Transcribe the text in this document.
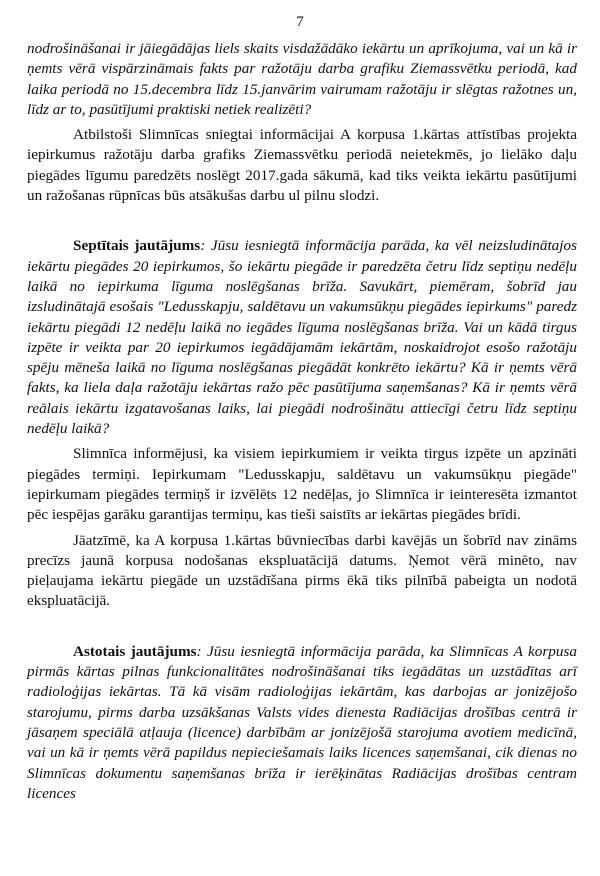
7

nodrošināšanai ir jāiegādājas liels skaits visdažādāko iekārtu un aprīkojuma, vai un kā ir ņemts vērā vispārzināmais fakts par ražotāju darba grafiku Ziemassvētku periodā, kad laika periodā no 15.decembra līdz 15.janvārim vairumam ražotāju ir slēgtas ražotnes un, līdz ar to, pasūtījumi praktiski netiek realizēti?

Atbilstoši Slimnīcas sniegtai informācijai A korpusa 1.kārtas attīstības projekta iepirkumus ražotāju darba grafiks Ziemassvētku periodā neietekmēs, jo lielāko daļu piegādes līgumu paredzēts noslēgt 2017.gada sākumā, kad tiks veikta iekārtu pasūtījumi un ražošanas rūpnīcas būs atsākušas darbu ul pilnu slodzi.

Septītais jautājums: Jūsu iesniegtā informācija parāda, ka vēl neizsludinātajos iekārtu piegādes 20 iepirkumos, šo iekārtu piegāde ir paredzēta četru līdz septiņu nedēļu laikā no iepirkuma līguma noslēgšanas brīža. Savukārt, piemēram, šobrīd jau izsludinātajā esošais "Ledusskapju, saldētavu un vakumsūkņu piegādes iepirkums" paredz iekārtu piegādi 12 nedēļu laikā no iegādes līguma noslēgšanas brīža. Vai un kādā tirgus izpēte ir veikta par 20 iepirkumos iegādājamām iekārtām, noskaidrojot esošo ražotāju spēju mēneša laikā no līguma noslēgšanas piegādāt konkrēto iekārtu? Kā ir ņemts vērā fakts, ka liela daļa ražotāju iekārtas ražo pēc pasūtījuma saņemšanas? Kā ir ņemts vērā reālais iekārtu izgatavošanas laiks, lai piegādi nodrošinātu attiecīgi četru līdz septiņu nedēļu laikā?

Slimnīca informējusi, ka visiem iepirkumiem ir veikta tirgus izpēte un apzināti piegādes termiņi. Iepirkumam "Ledusskapju, saldētavu un vakumsūkņu piegāde" iepirkumam piegādes termiņš ir izvēlēts 12 nedēļas, jo Slimnīca ir ieinteresēta izmantot pēc iespējas garāku garantijas termiņu, kas tieši saistīts ar iekārtas piegādes brīdi.

Jāatzīmē, ka A korpusa 1.kārtas būvniecības darbi kavējās un šobrīd nav zināms precīzs jaunā korpusa nodošanas ekspluatācijā datums. Ņemot vērā minēto, nav pieļaujama iekārtu piegāde un uzstādīšana pirms ēkā tiks pilnībā pabeigta un nodotā ekspluatācijā.

Astotais jautājums: Jūsu iesniegtā informācija parāda, ka Slimnīcas A korpusa pirmās kārtas pilnas funkcionalitātes nodrošināšanai tiks iegādātas un uzstādītas arī radioloģijas iekārtas. Tā kā visām radioloģijas iekārtām, kas darbojas ar jonizējošo starojumu, pirms darba uzsākšanas Valsts vides dienesta Radiācijas drošības centrā ir jāsaņem speciālā atļauja (licence) darbībām ar jonizējošā starojuma avotiem medicīnā, vai un kā ir ņemts vērā papildus nepieciešamais laiks licences saņemšanai, cik dienas no Slimnīcas dokumentu saņemšanas brīža ir ierēķinātas Radiācijas drošības centram licences
